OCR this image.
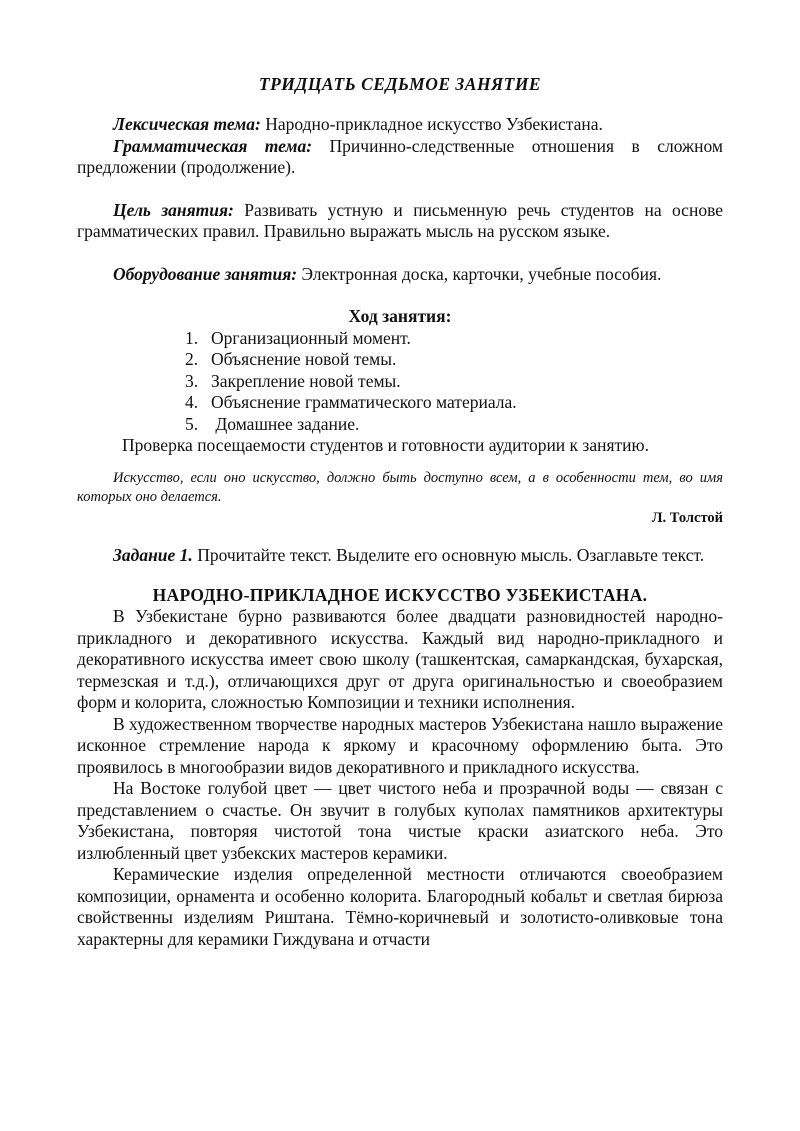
ТРИДЦАТЬ СЕДЬМОЕ ЗАНЯТИЕ
Лексическая тема: Народно-прикладное искусство Узбекистана.
Грамматическая тема: Причинно-следственные отношения в сложном предложении (продолжение).
Цель занятия: Развивать устную и письменную речь студентов на основе грамматических правил. Правильно выражать мысль на русском языке.
Оборудование занятия: Электронная доска, карточки, учебные пособия.
Ход занятия:
1. Организационный момент.
2. Объяснение новой темы.
3. Закрепление новой темы.
4. Объяснение грамматического материала.
5. Домашнее задание.
Проверка посещаемости студентов и готовности аудитории к занятию.
Искусство, если оно искусство, должно быть доступно всем, а в особенности тем, во имя которых оно делается.
Л. Толстой
Задание 1. Прочитайте текст. Выделите его основную мысль. Озаглавьте текст.
НАРОДНО-ПРИКЛАДНОЕ ИСКУССТВО УЗБЕКИСТАНА.
В Узбекистане бурно развиваются более двадцати разновидностей народно-прикладного и декоративного искусства. Каждый вид народно-прикладного и декоративного искусства имеет свою школу (ташкентская, самаркандская, бухарская, термезская и т.д.), отличающихся друг от друга оригинальностью и своеобразием форм и колорита, сложностью Композиции и техники исполнения.
В художественном творчестве народных мастеров Узбекистана нашло выражение исконное стремление народа к яркому и красочному оформлению быта. Это проявилось в многообразии видов декоративного и прикладного искусства.
На Востоке голубой цвет — цвет чистого неба и прозрачной воды — связан с представлением о счастье. Он звучит в голубых куполах памятников архитектуры Узбекистана, повторяя чистотой тона чистые краски азиатского неба. Это излюбленный цвет узбекских мастеров керамики.
Керамические изделия определенной местности отличаются своеобразием композиции, орнамента и особенно колорита. Благородный кобальт и светлая бирюза свойственны изделиям Риштана. Тёмно-коричневый и золотисто-оливковые тона характерны для керамики Гиждувана и отчасти
